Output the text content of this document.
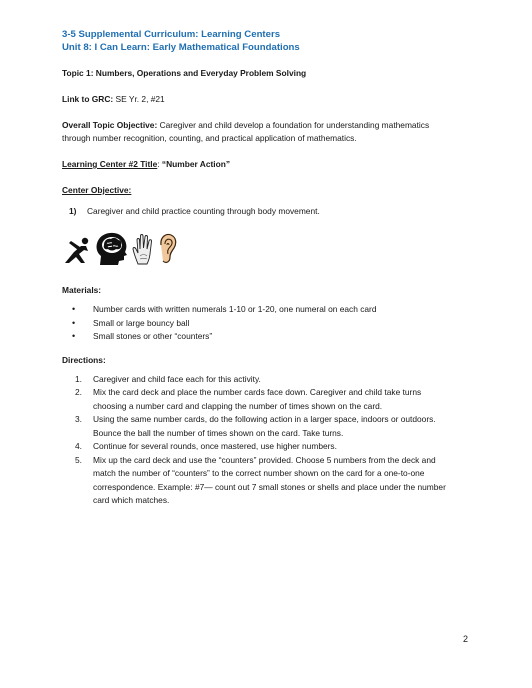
3-5 Supplemental Curriculum: Learning Centers

Unit 8: I Can Learn: Early Mathematical Foundations

Topic 1: Numbers, Operations and Everyday Problem Solving

Link to GRC: SE Yr. 2, #21

Overall Topic Objective: Caregiver and child develop a foundation for understanding mathematics

through number recognition, counting, and practical application of mathematics.

Learning Center #2 Title: “Number Action”

Center Objective:

1) Caregiver and child practice counting through body movement.

Materials:

• Number cards with written numerals 1-10 or 1-20, one numeral on each card
• Small or large bouncy ball
• Small stones or other “counters”

Directions:

1. Caregiver and child face each for this activity.
2. Mix the card deck and place the number cards face down. Caregiver and child take turns
choosing a number card and clapping the number of times shown on the card.
3. Using the same number cards, do the following action in a larger space, indoors or outdoors.
Bounce the ball the number of times shown on the card. Take turns.
4. Continue for several rounds, once mastered, use higher numbers.
5. Mix up the card deck and use the “counters” provided. Choose 5 numbers from the deck and
match the number of “counters” to the correct number shown on the card for a one-to-one
correspondence. Example: #7— count out 7 small stones or shells and place under the number
card which matches.
2
